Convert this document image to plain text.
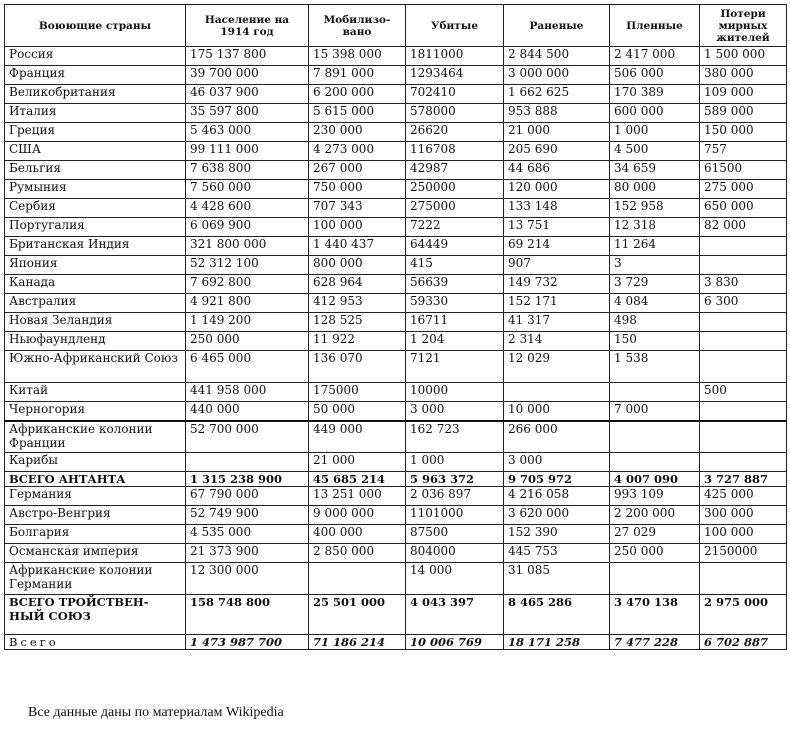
Воюющие страны	Население на 1914 год	Мобилизо-вано	Убитые	Раненые	Пленные	Потери мирных жителей
Россия	175 137 800	15 398 000	1811000	2 844 500	2 417 000	1 500 000
Франция	39 700 000	7 891 000	1293464	3 000 000	506 000	380 000
Великобритания	46 037 900	6 200 000	702410	1 662 625	170 389	109 000
Италия	35 597 800	5 615 000	578000	953 888	600 000	589 000
Греция	5 463 000	230 000	26620	21 000	1 000	150 000
США	99 111 000	4 273 000	116708	205 690	4 500	757
Бельгия	7 638 800	267 000	42987	44 686	34 659	61500
Румыния	7 560 000	750 000	250000	120 000	80 000	275 000
Сербия	4 428 600	707 343	275000	133 148	152 958	650 000
Португалия	6 069 900	100 000	7222	13 751	12 318	82 000
Британская Индия	321 800 000	1 440 437	64449	69 214	11 264	
Япония	52 312 100	800 000	415	907	3	
Канада	7 692 800	628 964	56639	149 732	3 729	3 830
Австралия	4 921 800	412 953	59330	152 171	4 084	6 300
Новая Зеландия	1 149 200	128 525	16711	41 317	498	
Ньюфаундленд	250 000	11 922	1 204	2 314	150	
Южно-Африканский Союз	6 465 000	136 070	7121	12 029	1 538	
Китай	441 958 000	175000	10000			500
Черногория	440 000	50 000	3 000	10 000	7 000	
Африканские колонии Франции	52 700 000	449 000	162 723	266 000		
Карибы		21 000	1 000	3 000		
ВСЕГО АНТАНТА	1 315 238 900	45 685 214	5 963 372	9 705 972	4 007 090	3 727 887
Германия	67 790 000	13 251 000	2 036 897	4 216 058	993 109	425 000
Австро-Венгрия	52 749 900	9 000 000	1101000	3 620 000	2 200 000	300 000
Болгария	4 535 000	400 000	87500	152 390	27 029	100 000
Османская империя	21 373 900	2 850 000	804000	445 753	250 000	2150000
Африканские колонии Германии	12 300 000		14 000	31 085		
ВСЕГО ТРОЙСТВЕН-НЫЙ СОЮЗ	158 748 800	25 501 000	4 043 397	8 465 286	3 470 138	2 975 000
Всего	1 473 987 700	71 186 214	10 006 769	18 171 258	7 477 228	6 702 887
Все данные даны по материалам Wikipedia
